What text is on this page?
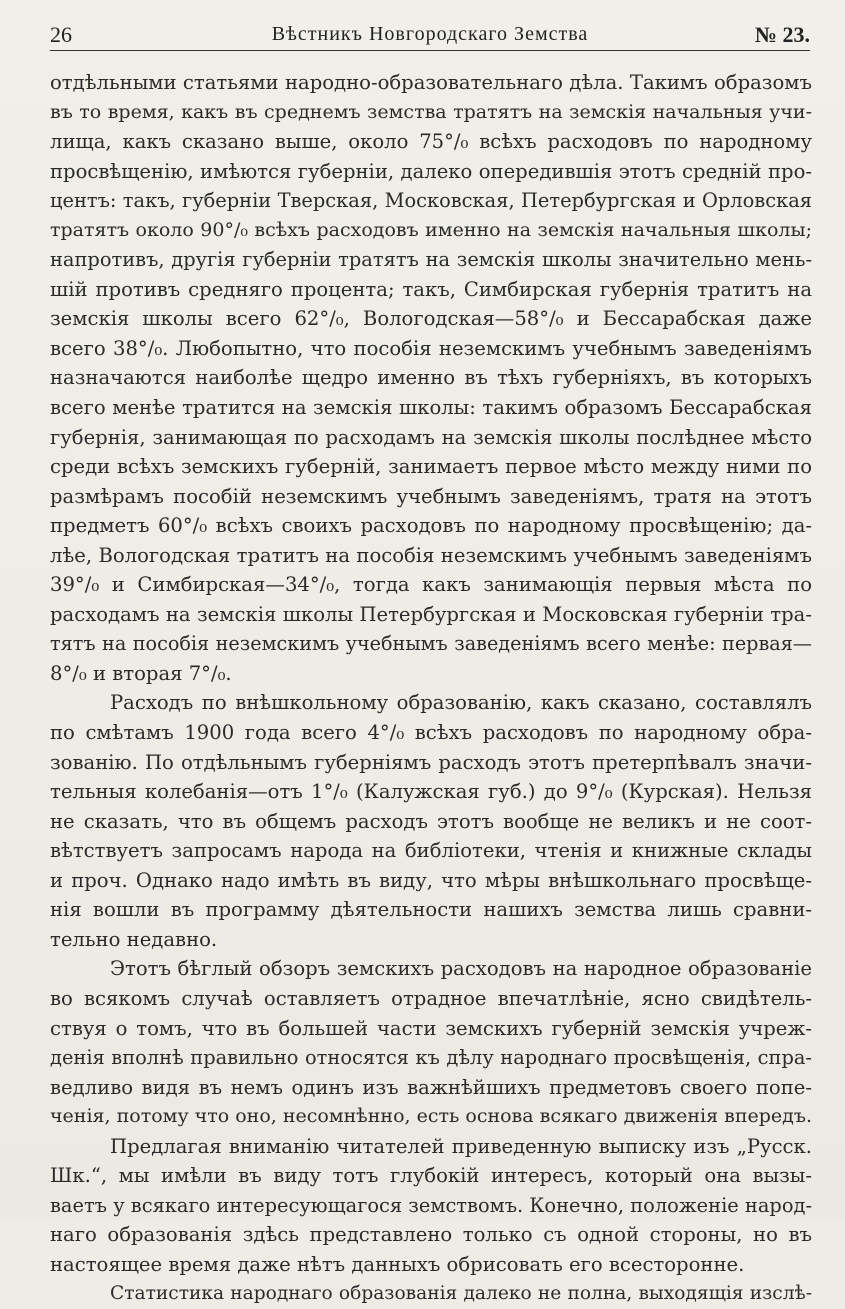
26	Вѣстникъ Новгородскаго Земства	№ 23.
отдѣльными статьями народно-образовательнаго дѣла. Такимъ образомъ
въ то время, какъ въ среднемъ земства тратятъ на земскія начальныя учи-
лища, какъ сказано выше, около 75°/₀ всѣхъ расходовъ по народному
просвѣщенію, имѣются губерніи, далеко опередившія этотъ средній про-
центъ: такъ, губерніи Тверская, Московская, Петербургская и Орловская
тратятъ около 90°/₀ всѣхъ расходовъ именно на земскія начальныя школы;
напротивъ, другія губерніи тратятъ на земскія школы значительно мень-
шій противъ средняго процента; такъ, Симбирская губернія тратитъ на
земскія школы всего 62°/₀, Вологодская—58°/₀ и Бессарабская даже
всего 38°/₀. Любопытно, что пособія неземскимъ учебнымъ заведеніямъ
назначаются наиболѣе щедро именно въ тѣхъ губерніяхъ, въ которыхъ
всего менѣе тратится на земскія школы: такимъ образомъ Бессарабская
губернія, занимающая по расходамъ на земскія школы послѣднее мѣсто
среди всѣхъ земскихъ губерній, занимаетъ первое мѣсто между ними по
размѣрамъ пособій неземскимъ учебнымъ заведеніямъ, тратя на этотъ
предметъ 60°/₀ всѣхъ своихъ расходовъ по народному просвѣщенію; да-
лѣе, Вологодская тратитъ на пособія неземскимъ учебнымъ заведеніямъ
39°/₀ и Симбирская—34°/₀, тогда какъ занимающія первыя мѣста по
расходамъ на земскія школы Петербургская и Московская губерніи тра-
тятъ на пособія неземскимъ учебнымъ заведеніямъ всего менѣе: первая—
8°/₀ и вторая 7°/₀.
Расходъ по внѣшкольному образованію, какъ сказано, составлялъ
по смѣтамъ 1900 года всего 4°/₀ всѣхъ расходовъ по народному обра-
зованію. По отдѣльнымъ губерніямъ расходъ этотъ претерпѣвалъ значи-
тельныя колебанія—отъ 1°/₀ (Калужская губ.) до 9°/₀ (Курская). Нельзя
не сказать, что въ общемъ расходъ этотъ вообще не великъ и не соот-
вѣтствуетъ запросамъ народа на библіотеки, чтенія и книжные склады
и проч. Однако надо имѣть въ виду, что мѣры внѣшкольнаго просвѣще-
нія вошли въ программу дѣятельности нашихъ земства лишь сравни-
тельно недавно.
Этотъ бѣглый обзоръ земскихъ расходовъ на народное образованіе
во всякомъ случаѣ оставляетъ отрадное впечатлѣніе, ясно свидѣтель-
ствуя о томъ, что въ большей части земскихъ губерній земскія учреж-
денія вполнѣ правильно относятся къ дѣлу народнаго просвѣщенія, спра-
ведливо видя въ немъ одинъ изъ важнѣйшихъ предметовъ своего попе-
ченія, потому что оно, несомнѣнно, есть основа всякаго движенія впередъ.
Предлагая вниманію читателей приведенную выписку изъ „Русск.
Шк.“, мы имѣли въ виду тотъ глубокій интересъ, который она вызы-
ваетъ у всякаго интересующагося земствомъ. Конечно, положеніе народ-
наго образованія здѣсь представлено только съ одной стороны, но въ
настоящее время даже нѣтъ данныхъ обрисовать его всесторонне.
Статистика народнаго образованія далеко не полна, выходящія изслѣ-
